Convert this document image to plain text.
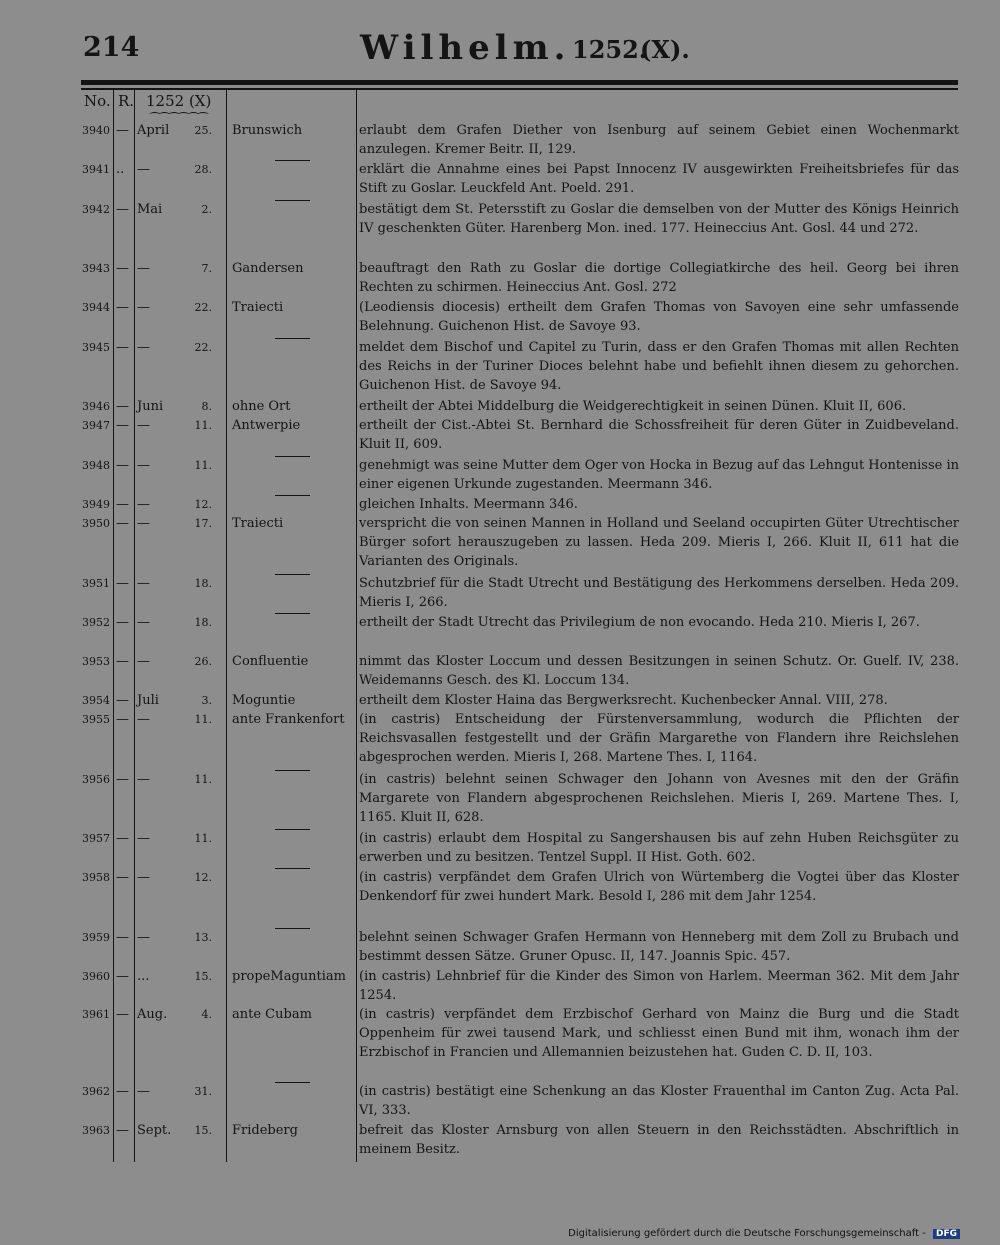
214	Wilhelm. 1252.
(X).
No. R. 1252 (X)
⁀⁀⁀⁀⁀⁀
3940 — April	25. Brunswich	erlaubt dem Grafen Diether von Isenburg auf seinem Gebiet einen Wochenmarkt anzulegen. Kremer Beitr. II, 129.
3941 .. —	28.	erklärt die Annahme eines bei Papst Innocenz IV ausgewirkten Freiheitsbriefes für das Stift zu Goslar. Leuckfeld Ant. Poeld. 291.
3942 — Mai	2.	bestätigt dem St. Petersstift zu Goslar die demselben von der Mutter des Königs Heinrich IV geschenkten Güter. Harenberg Mon. ined. 177. Heineccius Ant. Gosl. 44 und 272.
3943 — —	7. Gandersen	beauftragt den Rath zu Goslar die dortige Collegiatkirche des heil. Georg bei ihren Rechten zu schirmen. Heineccius Ant. Gosl. 272
3944 — —	22. Traiecti	(Leodiensis diocesis) ertheilt dem Grafen Thomas von Savoyen eine sehr umfassende Belehnung. Guichenon Hist. de Savoye 93.
3945 — —	22.	meldet dem Bischof und Capitel zu Turin, dass er den Grafen Thomas mit allen Rechten des Reichs in der Turiner Dioces belehnt habe und befiehlt ihnen diesem zu gehorchen. Guichenon Hist. de Savoye 94.
3946 — Juni	8. ohne Ort	ertheilt der Abtei Middelburg die Weidgerechtigkeit in seinen Dünen. Kluit II, 606.
3947 — —	11. Antwerpie	ertheilt der Cist.-Abtei St. Bernhard die Schossfreiheit für deren Güter in Zuidbeveland. Kluit II, 609.
3948 — —	11.	genehmigt was seine Mutter dem Oger von Hocka in Bezug auf das Lehngut Hontenisse in einer eigenen Urkunde zugestanden. Meermann 346.
3949 — —	12.	gleichen Inhalts. Meermann 346.
3950 — —	17. Traiecti	verspricht die von seinen Mannen in Holland und Seeland occupirten Güter Utrechtischer Bürger sofort herauszugeben zu lassen. Heda 209. Mieris I, 266. Kluit II, 611 hat die Varianten des Originals.
3951 — —	18.	Schutzbrief für die Stadt Utrecht und Bestätigung des Herkommens derselben. Heda 209. Mieris I, 266.
3952 — —	18.	ertheilt der Stadt Utrecht das Privilegium de non evocando. Heda 210. Mieris I, 267.
3953 — —	26. Confluentie	nimmt das Kloster Loccum und dessen Besitzungen in seinen Schutz. Or. Guelf. IV, 238. Weidemanns Gesch. des Kl. Loccum 134.
3954 — Juli	3. Moguntie	ertheilt dem Kloster Haina das Bergwerksrecht. Kuchenbecker Annal. VIII, 278.
3955 — —	11. ante Frankenfort	(in castris) Entscheidung der Fürstenversammlung, wodurch die Pflichten der Reichsvasallen festgestellt und der Gräfin Margarethe von Flandern ihre Reichslehen abgesprochen werden. Mieris I, 268. Martene Thes. I, 1164.
3956 — —	11.	(in castris) belehnt seinen Schwager den Johann von Avesnes mit den der Gräfin Margarete von Flandern abgesprochenen Reichslehen. Mieris I, 269. Martene Thes. I, 1165. Kluit II, 628.
3957 — —	11.	(in castris) erlaubt dem Hospital zu Sangershausen bis auf zehn Huben Reichsgüter zu erwerben und zu besitzen. Tentzel Suppl. II Hist. Goth. 602.
3958 — —	12.	(in castris) verpfändet dem Grafen Ulrich von Würtemberg die Vogtei über das Kloster Denkendorf für zwei hundert Mark. Besold I, 286 mit dem Jahr 1254.
3959 — —	13.	belehnt seinen Schwager Grafen Hermann von Henneberg mit dem Zoll zu Brubach und bestimmt dessen Sätze. Gruner Opusc. II, 147. Joannis Spic. 457.
3960 — ...	15. propeMaguntiam	(in castris) Lehnbrief für die Kinder des Simon von Harlem. Meerman 362. Mit dem Jahr 1254.
3961 — Aug.	4. ante Cubam	(in castris) verpfändet dem Erzbischof Gerhard von Mainz die Burg und die Stadt Oppenheim für zwei tausend Mark, und schliesst einen Bund mit ihm, wonach ihm der Erzbischof in Francien und Allemannien beizustehen hat. Guden C. D. II, 103.
3962 — —	31.	(in castris) bestätigt eine Schenkung an das Kloster Frauenthal im Canton Zug. Acta Pal. VI, 333.
3963 — Sept.	15. Frideberg	befreit das Kloster Arnsburg von allen Steuern in den Reichsstädten. Abschriftlich in meinem Besitz.
Digitalisierung gefördert durch die Deutsche Forschungsgemeinschaft - DFG
